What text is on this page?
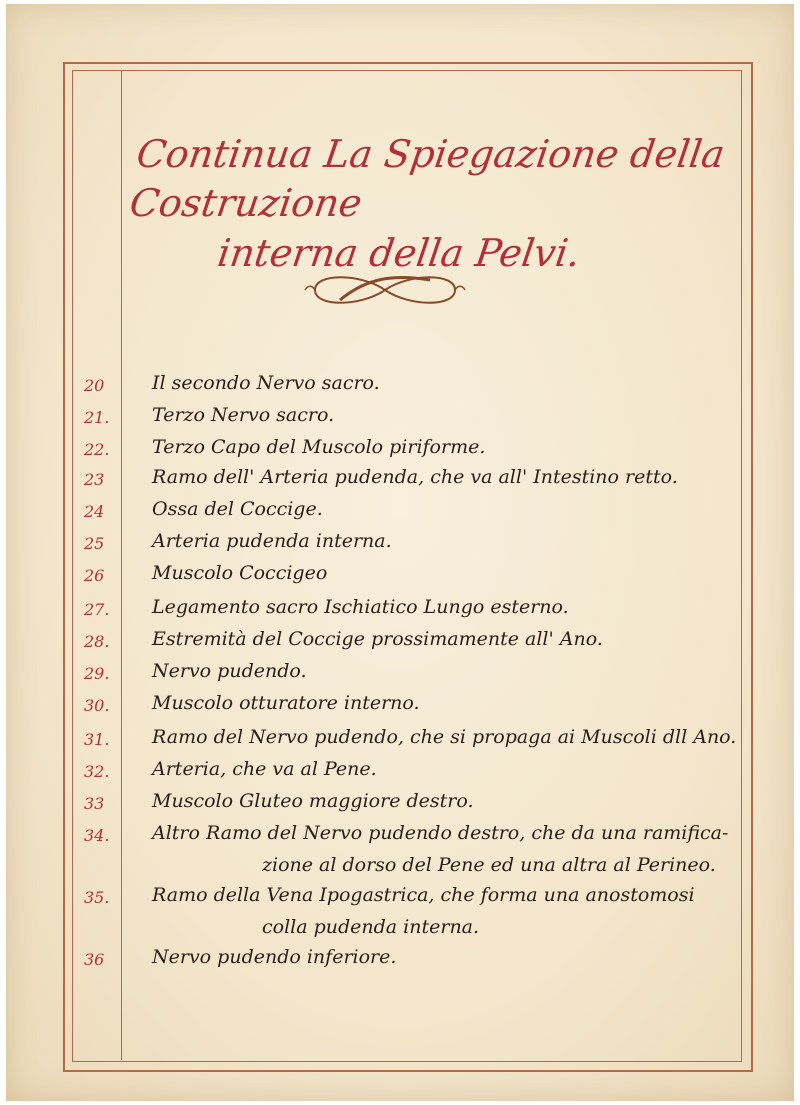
Continua La Spiegazione della Costruzione
interna della Pelvi.
20	Il secondo Nervo sacro.
21.	Terzo Nervo sacro.
22.	Terzo Capo del Muscolo piriforme.
23	Ramo dell' Arteria pudenda, che va all' Intestino retto.
24	Ossa del Coccige.
25	Arteria pudenda interna.
26	Muscolo Coccigeo
27.	Legamento sacro Ischiatico Lungo esterno.
28.	Estremità del Coccige prossimamente all' Ano.
29.	Nervo pudendo.
30.	Muscolo otturatore interno.
31.	Ramo del Nervo pudendo, che si propaga ai Muscoli dll Ano.
32.	Arteria, che va al Pene.
33	Muscolo Gluteo maggiore destro.
34.	Altro Ramo del Nervo pudendo destro, che da una ramifica-
zione al dorso del Pene ed una altra al Perineo.
35.	Ramo della Vena Ipogastrica, che forma una anostomosi
colla pudenda interna.
36	Nervo pudendo inferiore.
